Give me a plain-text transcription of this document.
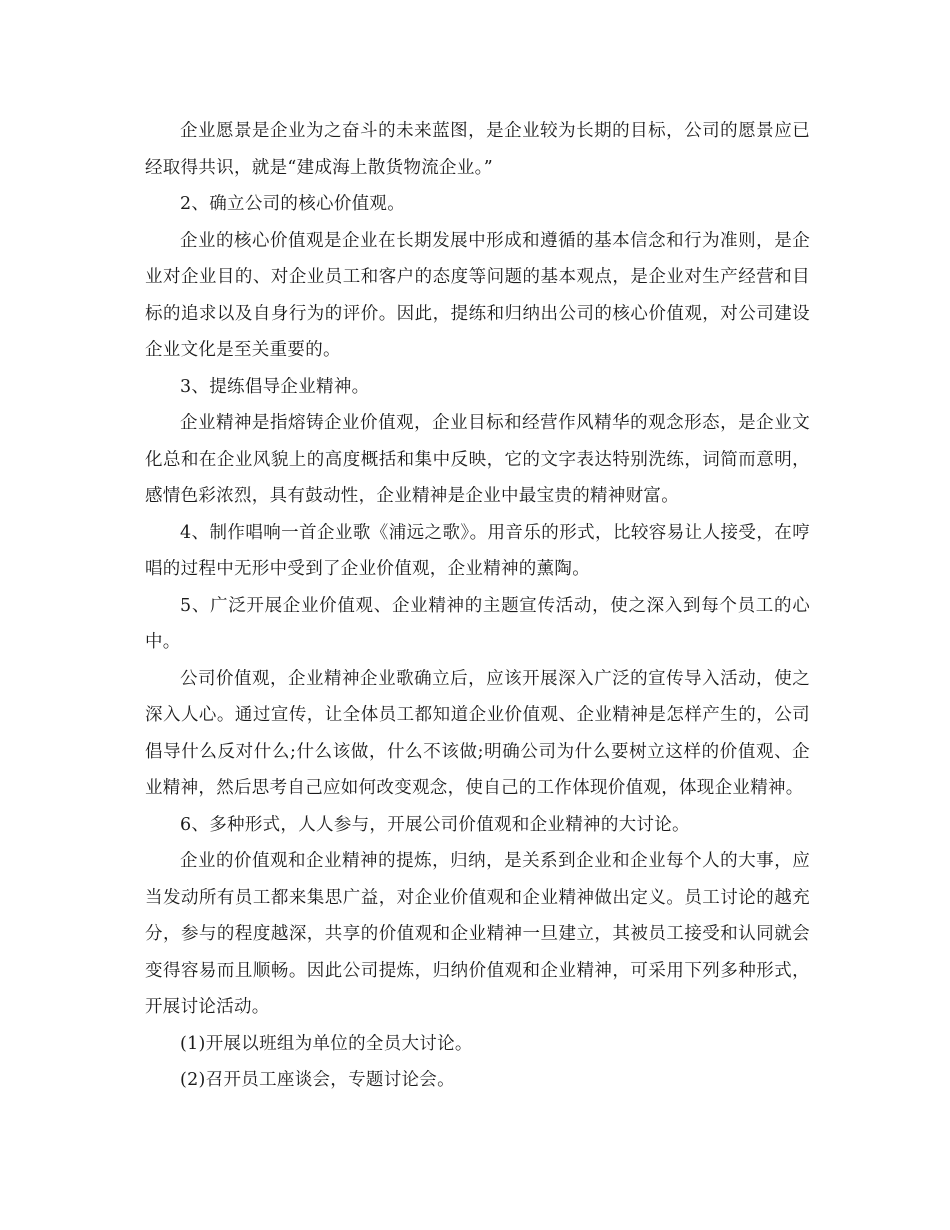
企业愿景是企业为之奋斗的未来蓝图，是企业较为长期的目标，公司的愿景应已经取得共识，就是“建成海上散货物流企业。”

2、确立公司的核心价值观。

企业的核心价值观是企业在长期发展中形成和遵循的基本信念和行为准则，是企业对企业目的、对企业员工和客户的态度等问题的基本观点，是企业对生产经营和目标的追求以及自身行为的评价。因此，提练和归纳出公司的核心价值观，对公司建设企业文化是至关重要的。

3、提练倡导企业精神。

企业精神是指熔铸企业价值观，企业目标和经营作风精华的观念形态，是企业文化总和在企业风貌上的高度概括和集中反映，它的文字表达特别洗练，词简而意明，感情色彩浓烈，具有鼓动性，企业精神是企业中最宝贵的精神财富。

4、制作唱响一首企业歌《浦远之歌》。用音乐的形式，比较容易让人接受，在哼唱的过程中无形中受到了企业价值观，企业精神的薰陶。

5、广泛开展企业价值观、企业精神的主题宣传活动，使之深入到每个员工的心中。

公司价值观，企业精神企业歌确立后，应该开展深入广泛的宣传导入活动，使之深入人心。通过宣传，让全体员工都知道企业价值观、企业精神是怎样产生的，公司倡导什么反对什么;什么该做，什么不该做;明确公司为什么要树立这样的价值观、企业精神，然后思考自己应如何改变观念，使自己的工作体现价值观，体现企业精神。

6、多种形式，人人参与，开展公司价值观和企业精神的大讨论。

企业的价值观和企业精神的提炼，归纳，是关系到企业和企业每个人的大事，应当发动所有员工都来集思广益，对企业价值观和企业精神做出定义。员工讨论的越充分，参与的程度越深，共享的价值观和企业精神一旦建立，其被员工接受和认同就会变得容易而且顺畅。因此公司提炼，归纳价值观和企业精神，可采用下列多种形式，开展讨论活动。

(1)开展以班组为单位的全员大讨论。

(2)召开员工座谈会，专题讨论会。
